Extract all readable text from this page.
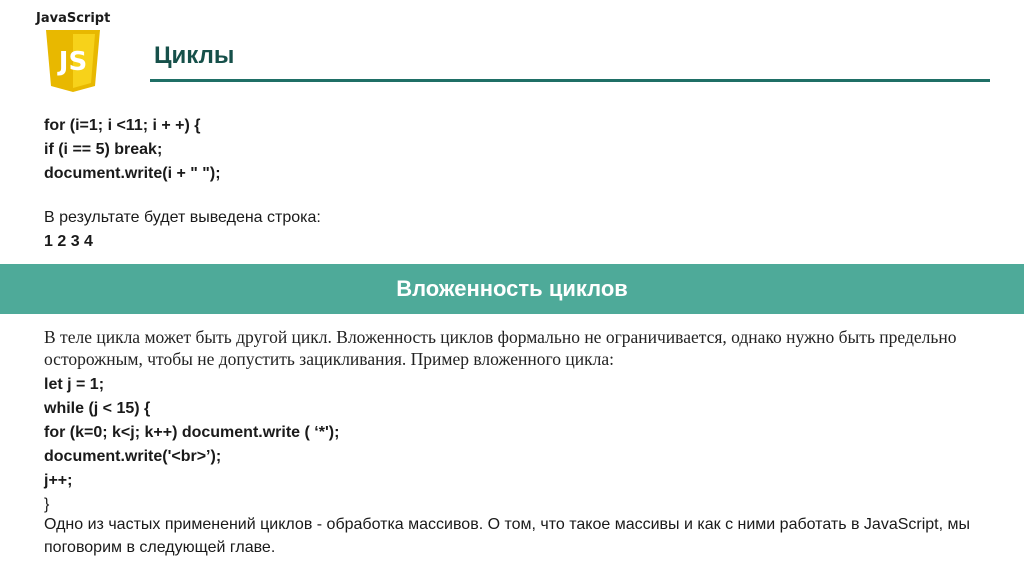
JavaScript
JS	Циклы
for (i=1; i <11; i + +) {
if (i == 5) break;
document.write(i + " ");
В результате будет выведена строка:
1 2 3 4
Вложенность циклов
В теле цикла может быть другой цикл. Вложенность циклов формально не ограничивается, однако нужно быть предельно осторожным, чтобы не допустить зацикливания. Пример вложенного цикла:
let j = 1;
while (j < 15) {
for (k=0; k<j; k++) document.write ( ‘*');
document.write('<br>’);
j++;
}
Одно из частых применений циклов - обработка массивов. О том, что такое массивы и как с ними работать в JavaScript, мы поговорим в следующей главе.
